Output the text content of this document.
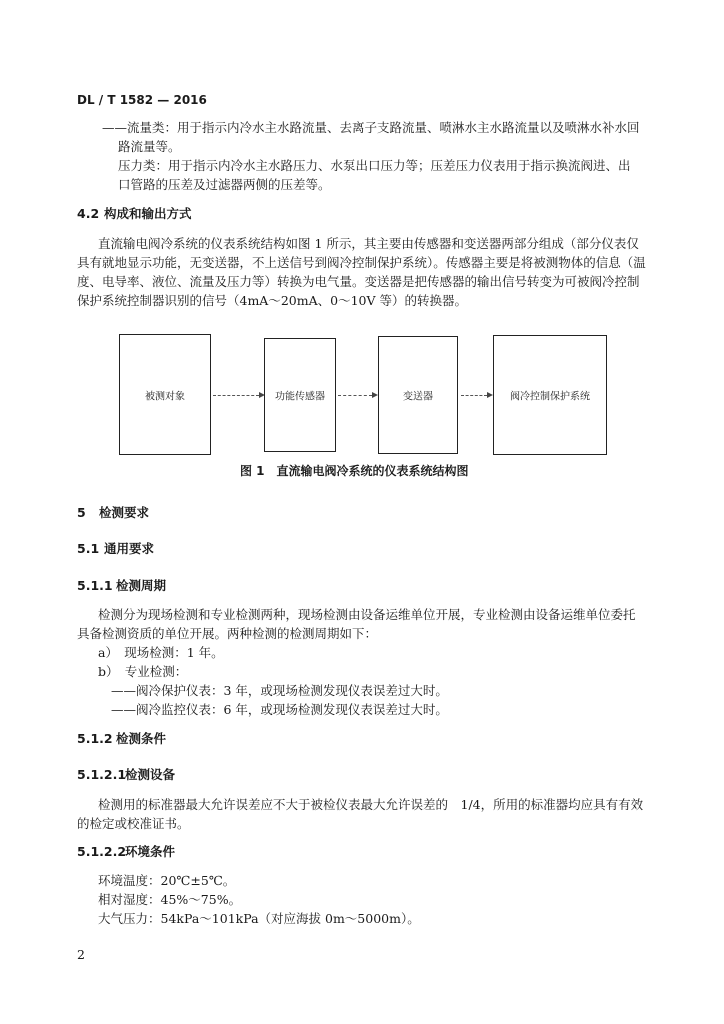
DL / T 1582 — 2016
——流量类：用于指示内冷水主水路流量、去离子支路流量、喷淋水主水路流量以及喷淋水补水回
路流量等。
压力类：用于指示内冷水主水路压力、水泵出口压力等；压差压力仪表用于指示换流阀进、出
口管路的压差及过滤器两侧的压差等。
4.2 构成和输出方式
直流输电阀冷系统的仪表系统结构如图 1 所示，其主要由传感器和变送器两部分组成（部分仪表仅
具有就地显示功能，无变送器，不上送信号到阀冷控制保护系统）。传感器主要是将被测物体的信息（温
度、电导率、液位、流量及压力等）转换为电气量。变送器是把传感器的输出信号转变为可被阀冷控制
保护系统控制器识别的信号（4mA～20mA、0～10V 等）的转换器。
被测对象	功能传感器	变送器	阀冷控制保护系统
图 1　直流输电阀冷系统的仪表系统结构图
5 检测要求
5.1 通用要求
5.1.1 检测周期
检测分为现场检测和专业检测两种，现场检测由设备运维单位开展，专业检测由设备运维单位委托
具备检测资质的单位开展。两种检测的检测周期如下：
a）　现场检测：1 年。
b）　专业检测：
——阀冷保护仪表：3 年，或现场检测发现仪表误差过大时。
——阀冷监控仪表：6 年，或现场检测发现仪表误差过大时。
5.1.2 检测条件
5.1.2.1
检测设备
检测用的标准器最大允许误差应不大于被检仪表最大允许误差的　1/4，所用的标准器均应具有有效
的检定或校准证书。
5.1.2.2
环境条件
环境温度：20℃±5℃。
相对湿度：45%～75%。
大气压力：54kPa～101kPa（对应海拔 0m～5000m）。
2
